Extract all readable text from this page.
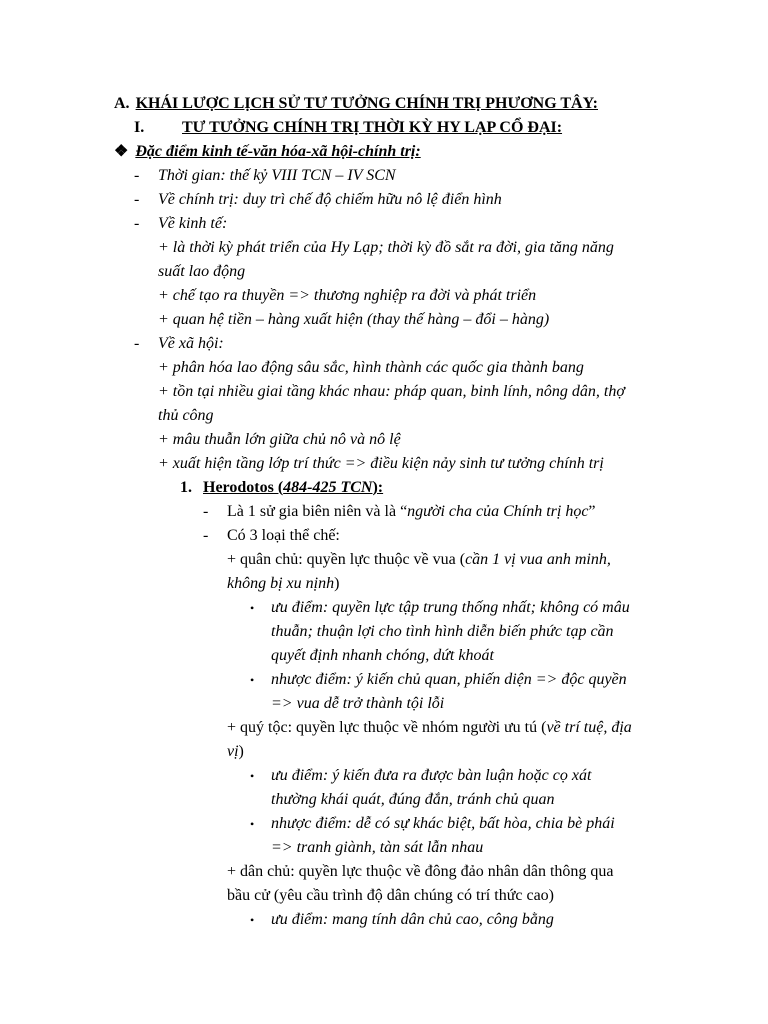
A. KHÁI LƯỢC LỊCH SỬ TƯ TƯỞNG CHÍNH TRỊ PHƯƠNG TÂY:
I. TƯ TƯỞNG CHÍNH TRỊ THỜI KỲ HY LẠP CỔ ĐẠI:
❖ Đặc điểm kinh tế-văn hóa-xã hội-chính trị:
- Thời gian: thế kỷ VIII TCN – IV SCN
- Về chính trị: duy trì chế độ chiếm hữu nô lệ điển hình
- Về kinh tế:
+ là thời kỳ phát triển của Hy Lạp; thời kỳ đồ sắt ra đời, gia tăng năng
suất lao động
+ chế tạo ra thuyền => thương nghiệp ra đời và phát triển
+ quan hệ tiền – hàng xuất hiện (thay thế hàng – đổi – hàng)
- Về xã hội:
+ phân hóa lao động sâu sắc, hình thành các quốc gia thành bang
+ tồn tại nhiều giai tầng khác nhau: pháp quan, binh lính, nông dân, thợ
thủ công
+ mâu thuẫn lớn giữa chủ nô và nô lệ
+ xuất hiện tầng lớp trí thức => điều kiện nảy sinh tư tưởng chính trị
1. Herodotos (484-425 TCN):
- Là 1 sử gia biên niên và là “người cha của Chính trị học”
- Có 3 loại thể chế:
+ quân chủ: quyền lực thuộc về vua (cần 1 vị vua anh minh,
không bị xu nịnh)
• ưu điểm: quyền lực tập trung thống nhất; không có mâu
thuẫn; thuận lợi cho tình hình diễn biến phức tạp cần
quyết định nhanh chóng, dứt khoát
• nhược điểm: ý kiến chủ quan, phiến diện => độc quyền
=> vua dễ trở thành tội lỗi
+ quý tộc: quyền lực thuộc về nhóm người ưu tú (về trí tuệ, địa
vị)
• ưu điểm: ý kiến đưa ra được bàn luận hoặc cọ xát
thường khái quát, đúng đắn, tránh chủ quan
• nhược điểm: dễ có sự khác biệt, bất hòa, chia bè phái
=> tranh giành, tàn sát lẫn nhau
+ dân chủ: quyền lực thuộc về đông đảo nhân dân thông qua
bầu cử (yêu cầu trình độ dân chúng có trí thức cao)
• ưu điểm: mang tính dân chủ cao, công bằng
